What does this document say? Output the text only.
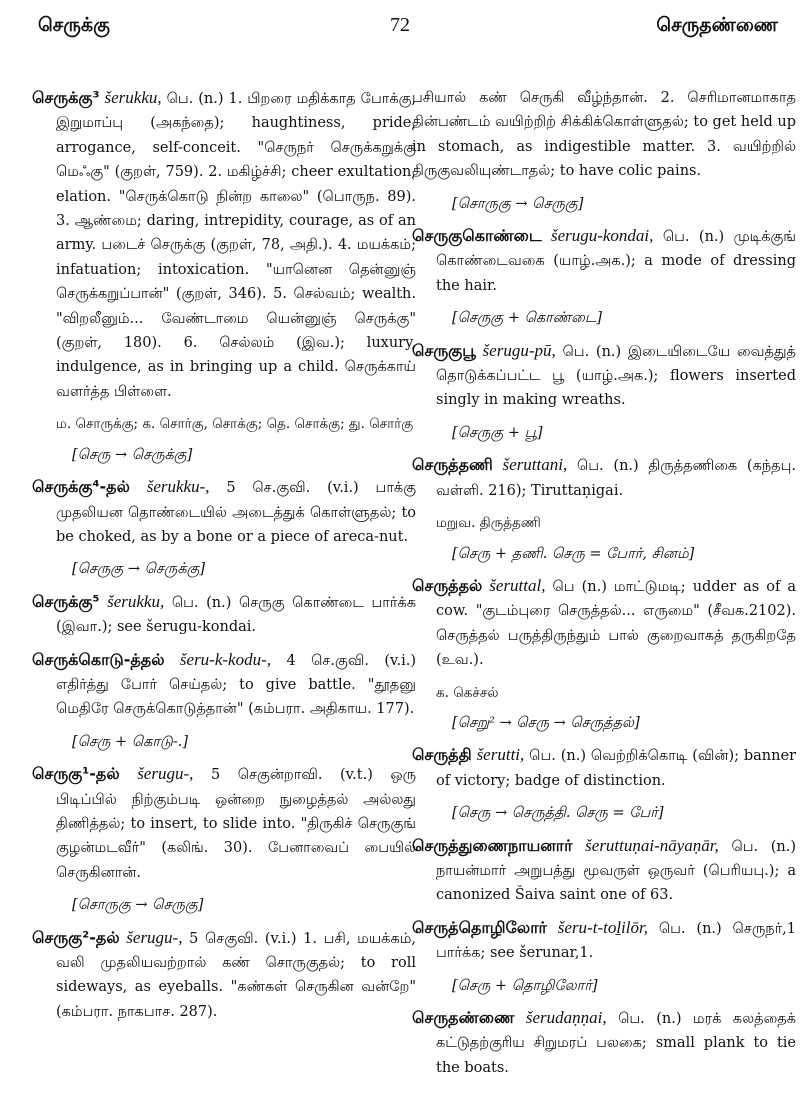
செருக்கு	72	செருதண்ணை
செருக்கு³ šerukku, பெ. (n.) 1. பிறரை மதிக்காத போக்கு, இறுமாப்பு (அகந்தை); haughtiness, pride, arrogance, self-conceit. "செருநர் செருக்கறுக்கு மெஃகு" (குறள், 759). 2. மகிழ்ச்சி; cheer exultation, elation. "செருக்கொடு நின்ற காலை" (பொருந. 89). 3. ஆண்மை; daring, intrepidity, courage, as of an army. படைச் செருக்கு (குறள், 78, அதி.). 4. மயக்கம்; infatuation; intoxication. "யானென தென்னுஞ் செருக்கறுப்பான்" (குறள், 346). 5. செல்வம்; wealth. "விறலீனும்... வேண்டாமை யென்னுஞ் செருக்கு" (குறள், 180). 6. செல்லம் (இவ.); luxury, indulgence, as in bringing up a child. செருக்காய் வளர்த்த பிள்ளை.
ம. சொருக்கு; க. சொர்கு, சொக்கு; தெ. சொக்கு; து. சொர்கு
[செரு → செருக்கு]
செருக்கு⁴-தல் šerukku-, 5 செ.குவி. (v.i.) பாக்கு முதலியன தொண்டையில் அடைத்துக் கொள்ளுதல்; to be choked, as by a bone or a piece of areca-nut.
[செருகு → செருக்கு]
செருக்கு⁵ šerukku, பெ. (n.) செருகு கொண்டை பார்க்க (இவா.); see šerugu-kondai.
செருக்கொடு-த்தல் šeru-k-kodu-, 4 செ.குவி. (v.i.) எதிர்த்து போர் செய்தல்; to give battle. "தூதனு மெதிரே செருக்கொடுத்தான்" (கம்பரா. அதிகாய. 177).
[செரு + கொடு-.]
செருகு¹-தல் šerugu-, 5 செகுன்றாவி. (v.t.) ஒரு பிடிப்பில் நிற்கும்படி ஒன்றை நுழைத்தல் அல்லது திணித்தல்; to insert, to slide into. "திருகிச் செருகுங் குழன்மடவீர்" (கலிங். 30). பேனாவைப் பையில் செருகினான்.
[சொருகு → செருகு]
செருகு²-தல் šerugu-, 5 செகுவி. (v.i.) 1. பசி, மயக்கம், வலி முதலியவற்றால் கண் சொருகுதல்; to roll sideways, as eyeballs. "கண்கள் செருகின வன்றே" (கம்பரா. நாகபாச. 287).
பசியால் கண் செருகி வீழ்ந்தான். 2. செரிமானமாகாத தின்பண்டம் வயிற்றிற் சிக்கிக்கொள்ளுதல்; to get held up in stomach, as indigestible matter. 3. வயிற்றில் திருகுவலியுண்டாதல்; to have colic pains.
[சொருகு → செருகு]
செருகுகொண்டை šerugu-kondai, பெ. (n.) முடிக்குங் கொண்டைவகை (யாழ்.அக.); a mode of dressing the hair.
[செருகு + கொண்டை]
செருகுபூ šerugu-pū, பெ. (n.) இடையிடையே வைத்துத் தொடுக்கப்பட்ட பூ (யாழ்.அக.); flowers inserted singly in making wreaths.
[செருகு + பூ]
செருத்தணி šeruttani, பெ. (n.) திருத்தணிகை (கந்தபு. வள்ளி. 216); Tiruttaṇigai.
மறுவ. திருத்தணி
[செரு + தணி. செரு = போர், சினம்]
செருத்தல் šeruttal, பெ (n.) மாட்டுமடி; udder as of a cow. "குடம்புரை செருத்தல்... எருமை" (சீவக.2102). செருத்தல் பருத்திருந்தும் பால் குறைவாகத் தருகிறதே (உவ.).
க. கெச்சல்
[செறு² → செரு → செருத்தல்]
செருத்தி šerutti, பெ. (n.) வெற்றிக்கொடி (வின்); banner of victory; badge of distinction.
[செரு → செருத்தி. செரு = பேர்]
செருத்துணைநாயனார் šeruttuṇai-nāyaṇār, பெ. (n.) நாயன்மார் அறுபத்து மூவருள் ஒருவர் (பெரியபு.); a canonized Šaiva saint one of 63.
செருத்தொழிலோர் šeru-t-toḻilōr, பெ. (n.) செருநர்,1 பார்க்க; see šerunar,1.
[செரு + தொழிலோர்]
செருதண்ணை šerudaṇṇai, பெ. (n.) மரக் கலத்தைக் கட்டுதற்குரிய சிறுமரப் பலகை; small plank to tie the boats.
